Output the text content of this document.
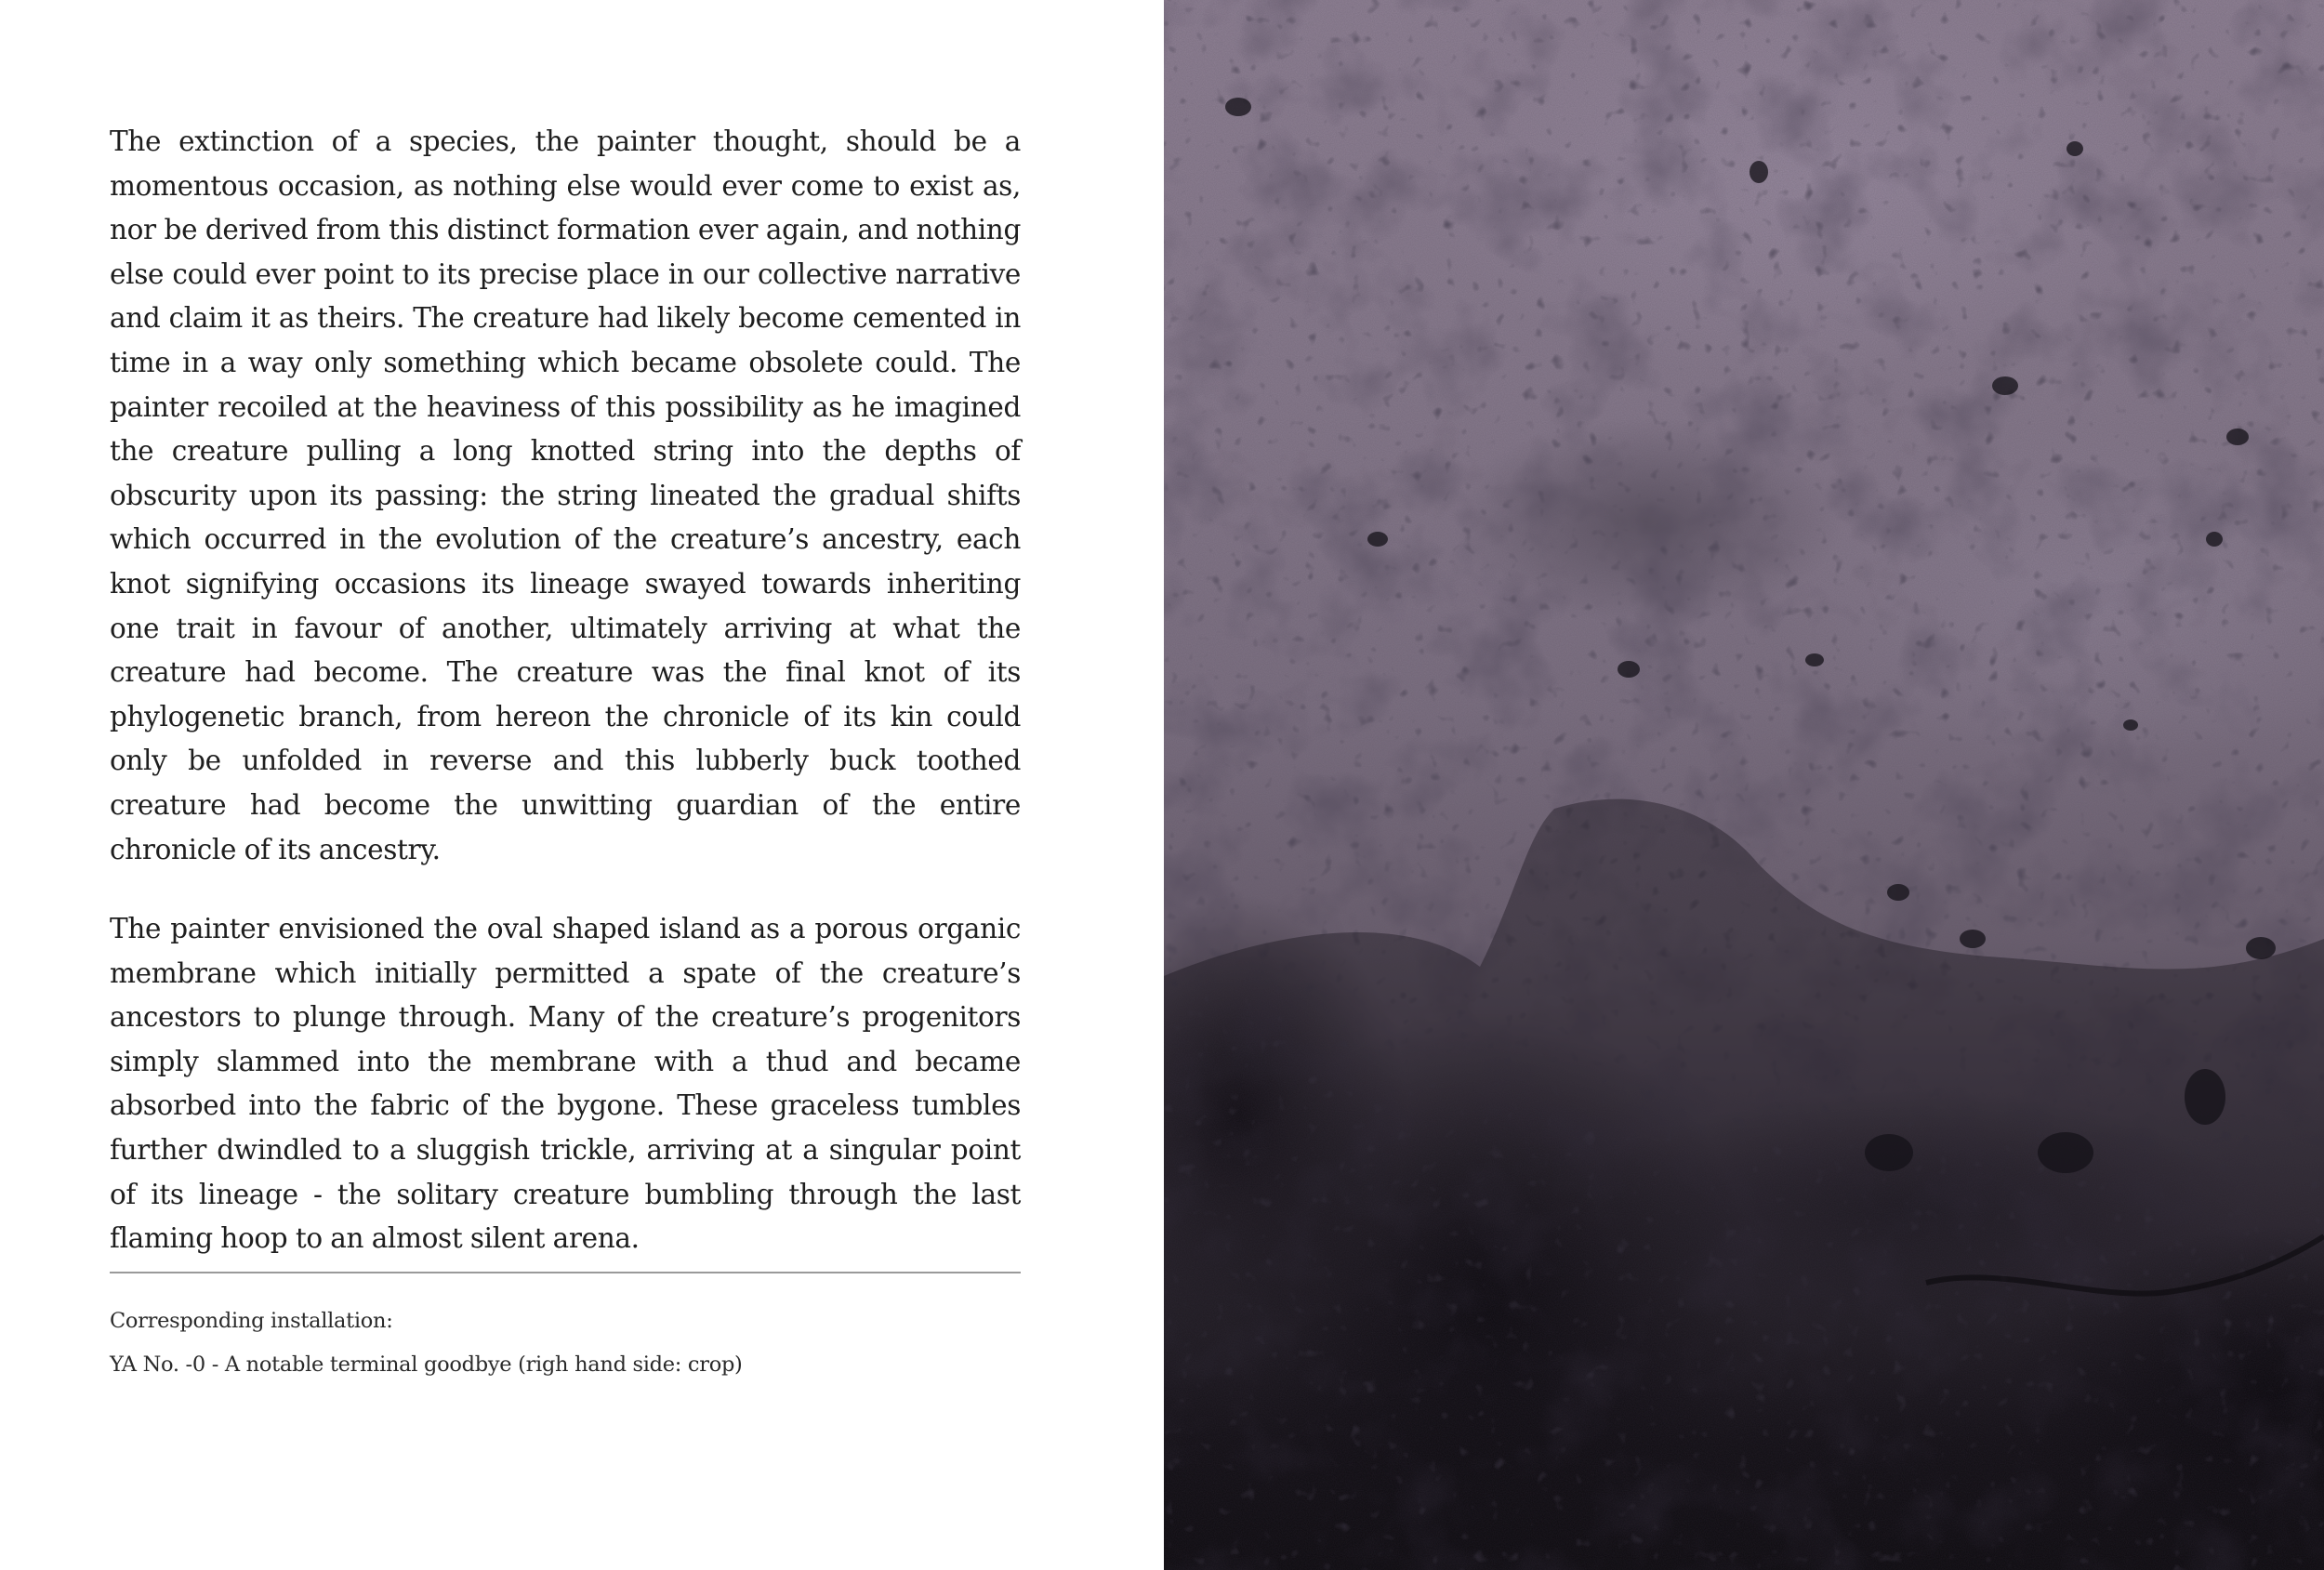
The extinction of a species, the painter thought, should be a momentous occasion, as nothing else would ever come to exist as, nor be derived from this distinct formation ever again, and nothing else could ever point to its precise place in our collective narrative and claim it as theirs. The creature had likely become cemented in time in a way only something which became obsolete could. The painter recoiled at the heaviness of this possibility as he imagined the creature pulling a long knotted string into the depths of obscurity upon its passing: the string lineated the gradual shifts which occurred in the evolution of the creature’s ancestry, each knot signifying occasions its lineage swayed towards inheriting one trait in favour of another, ultimately arriving at what the creature had become. The creature was the final knot of its phylogenetic branch, from hereon the chronicle of its kin could only be unfolded in reverse and this lubberly buck toothed creature had become the unwitting guardian of the entire chronicle of its ancestry.

The painter envisioned the oval shaped island as a porous organic membrane which initially permitted a spate of the creature’s ancestors to plunge through. Many of the creature’s progenitors simply slammed into the membrane with a thud and became absorbed into the fabric of the bygone. These graceless tumbles further dwindled to a sluggish trickle, arriving at a singular point of its lineage - the solitary creature bumbling through the last flaming hoop to an almost silent arena.

Corresponding installation:
YA No. -0 - A notable terminal goodbye (righ hand side: crop)
